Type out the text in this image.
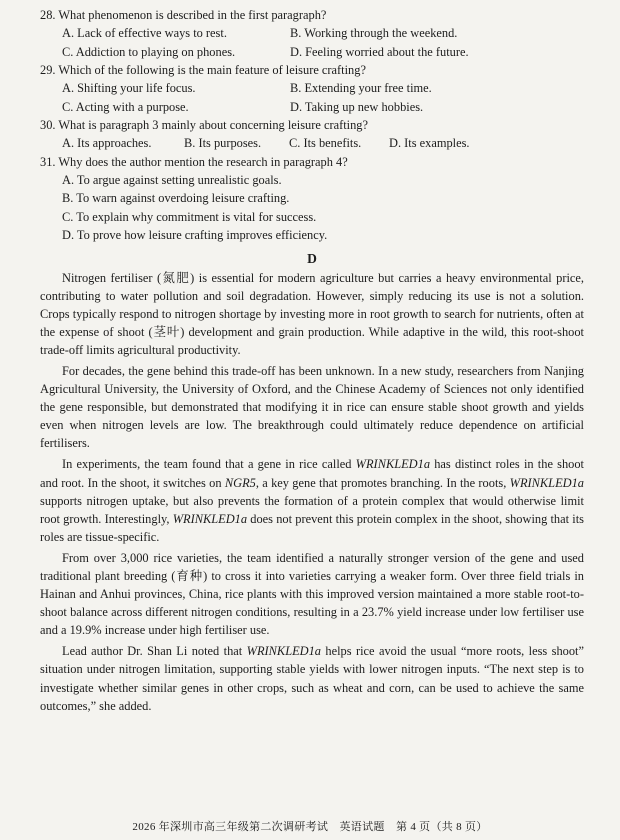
28. What phenomenon is described in the first paragraph?
A. Lack of effective ways to rest.	B. Working through the weekend.
C. Addiction to playing on phones.	D. Feeling worried about the future.
29. Which of the following is the main feature of leisure crafting?
A. Shifting your life focus.	B. Extending your free time.
C. Acting with a purpose.	D. Taking up new hobbies.
30. What is paragraph 3 mainly about concerning leisure crafting?
A. Its approaches.	B. Its purposes.	C. Its benefits.	D. Its examples.
31. Why does the author mention the research in paragraph 4?
A. To argue against setting unrealistic goals.
B. To warn against overdoing leisure crafting.
C. To explain why commitment is vital for success.
D. To prove how leisure crafting improves efficiency.
D

Nitrogen fertiliser (氮肥) is essential for modern agriculture but carries a heavy environmental price, contributing to water pollution and soil degradation. However, simply reducing its use is not a solution. Crops typically respond to nitrogen shortage by investing more in root growth to search for nutrients, often at the expense of shoot (茎叶) development and grain production. While adaptive in the wild, this root-shoot trade-off limits agricultural productivity.

For decades, the gene behind this trade-off has been unknown. In a new study, researchers from Nanjing Agricultural University, the University of Oxford, and the Chinese Academy of Sciences not only identified the gene responsible, but demonstrated that modifying it in rice can ensure stable shoot growth and yields even when nitrogen levels are low. The breakthrough could ultimately reduce dependence on artificial fertilisers.

In experiments, the team found that a gene in rice called WRINKLED1a has distinct roles in the shoot and root. In the shoot, it switches on NGR5, a key gene that promotes branching. In the roots, WRINKLED1a supports nitrogen uptake, but also prevents the formation of a protein complex that would otherwise limit root growth. Interestingly, WRINKLED1a does not prevent this protein complex in the shoot, showing that its roles are tissue-specific.

From over 3,000 rice varieties, the team identified a naturally stronger version of the gene and used traditional plant breeding (育种) to cross it into varieties carrying a weaker form. Over three field trials in Hainan and Anhui provinces, China, rice plants with this improved version maintained a more stable root-to-shoot balance across different nitrogen conditions, resulting in a 23.7% yield increase under low fertiliser use and a 19.9% increase under high fertiliser use.

Lead author Dr. Shan Li noted that WRINKLED1a helps rice avoid the usual “more roots, less shoot” situation under nitrogen limitation, supporting stable yields with lower nitrogen inputs. “The next step is to investigate whether similar genes in other crops, such as wheat and corn, can be used to achieve the same outcomes,” she added.

2026 年深圳市高三年级第二次调研考试　英语试题　第 4 页（共 8 页）
